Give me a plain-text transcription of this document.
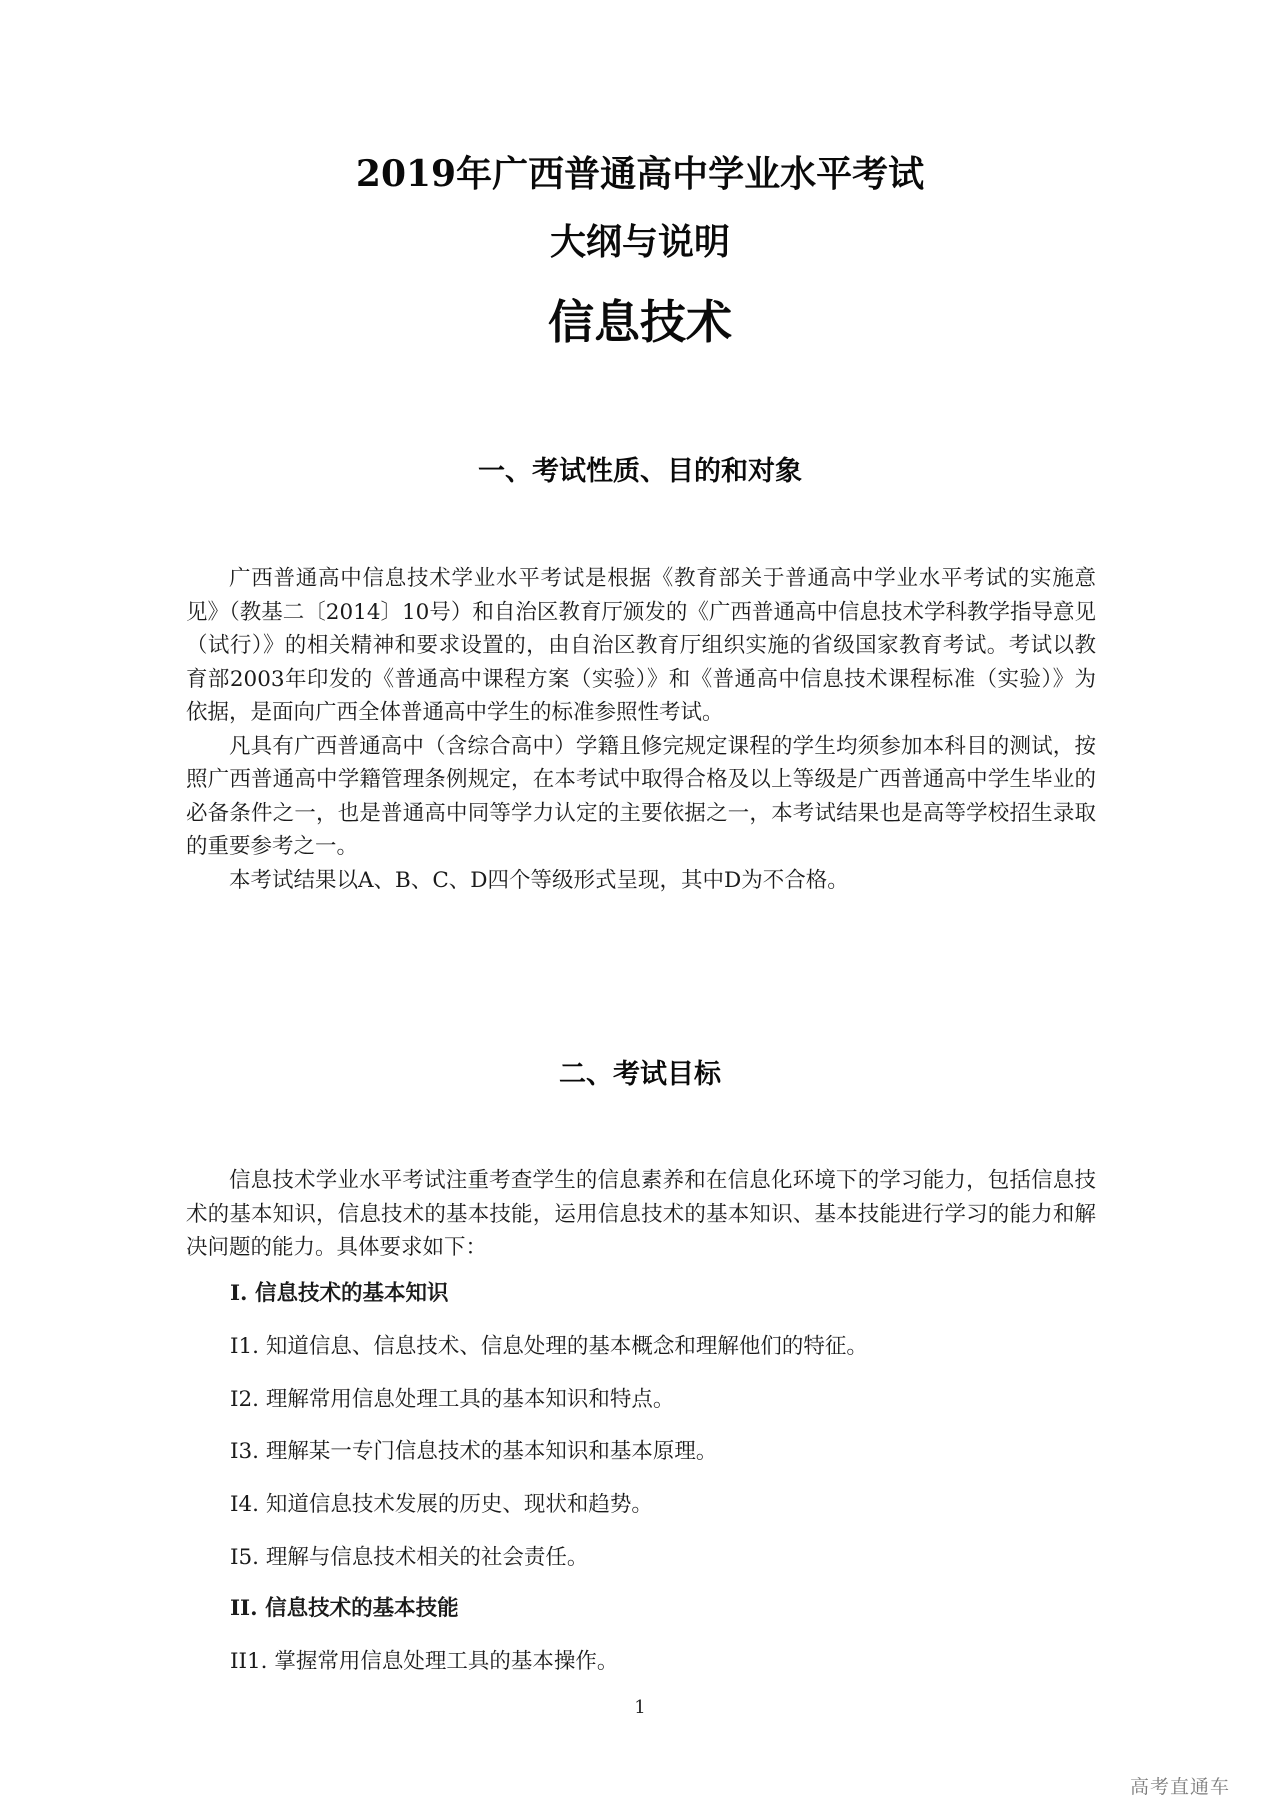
2019年广西普通高中学业水平考试
大纲与说明
信息技术
一、考试性质、目的和对象

广西普通高中信息技术学业水平考试是根据《教育部关于普通高中学业水平考试的实施意见》（教基二〔2014〕10号）和自治区教育厅颁发的《广西普通高中信息技术学科教学指导意见（试行）》的相关精神和要求设置的，由自治区教育厅组织实施的省级国家教育考试。考试以教育部2003年印发的《普通高中课程方案（实验）》和《普通高中信息技术课程标准（实验）》为依据，是面向广西全体普通高中学生的标准参照性考试。

凡具有广西普通高中（含综合高中）学籍且修完规定课程的学生均须参加本科目的测试，按照广西普通高中学籍管理条例规定，在本考试中取得合格及以上等级是广西普通高中学生毕业的必备条件之一，也是普通高中同等学力认定的主要依据之一，本考试结果也是高等学校招生录取的重要参考之一。

本考试结果以A、B、C、D四个等级形式呈现，其中D为不合格。

二、考试目标

信息技术学业水平考试注重考查学生的信息素养和在信息化环境下的学习能力，包括信息技术的基本知识，信息技术的基本技能，运用信息技术的基本知识、基本技能进行学习的能力和解决问题的能力。具体要求如下：

I. 信息技术的基本知识
I1. 知道信息、信息技术、信息处理的基本概念和理解他们的特征。
I2. 理解常用信息处理工具的基本知识和特点。
I3. 理解某一专门信息技术的基本知识和基本原理。
I4. 知道信息技术发展的历史、现状和趋势。
I5. 理解与信息技术相关的社会责任。
II. 信息技术的基本技能
II1. 掌握常用信息处理工具的基本操作。
1
高考直通车
